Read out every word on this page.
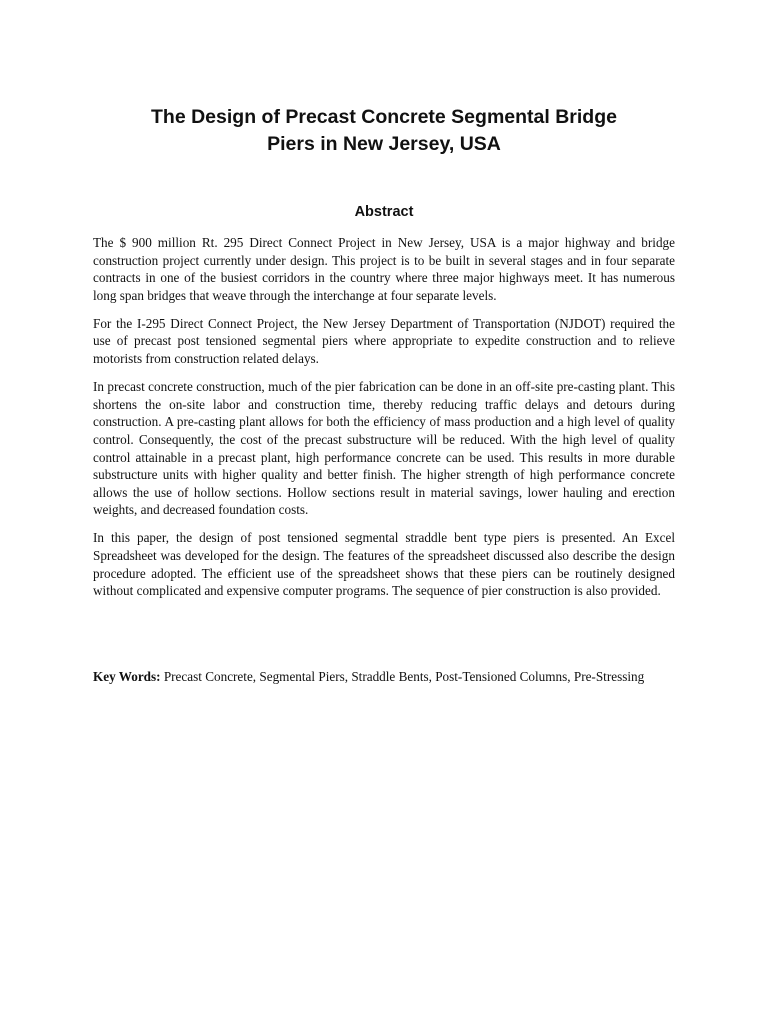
The Design of Precast Concrete Segmental Bridge
Piers in New Jersey, USA
Abstract

The $ 900 million Rt. 295 Direct Connect Project in New Jersey, USA is a major highway and bridge construction project currently under design. This project is to be built in several stages and in four separate contracts in one of the busiest corridors in the country where three major highways meet. It has numerous long span bridges that weave through the interchange at four separate levels.

For the I-295 Direct Connect Project, the New Jersey Department of Transportation (NJDOT) required the use of precast post tensioned segmental piers where appropriate to expedite construction and to relieve motorists from construction related delays.

In precast concrete construction, much of the pier fabrication can be done in an off-site pre-casting plant. This shortens the on-site labor and construction time, thereby reducing traffic delays and detours during construction. A pre-casting plant allows for both the efficiency of mass production and a high level of quality control. Consequently, the cost of the precast substructure will be reduced. With the high level of quality control attainable in a precast plant, high performance concrete can be used. This results in more durable substructure units with higher quality and better finish. The higher strength of high performance concrete allows the use of hollow sections. Hollow sections result in material savings, lower hauling and erection weights, and decreased foundation costs.

In this paper, the design of post tensioned segmental straddle bent type piers is presented. An Excel Spreadsheet was developed for the design. The features of the spreadsheet discussed also describe the design procedure adopted. The efficient use of the spreadsheet shows that these piers can be routinely designed without complicated and expensive computer programs. The sequence of pier construction is also provided.

Key Words: Precast Concrete, Segmental Piers, Straddle Bents, Post-Tensioned Columns, Pre-Stressing
